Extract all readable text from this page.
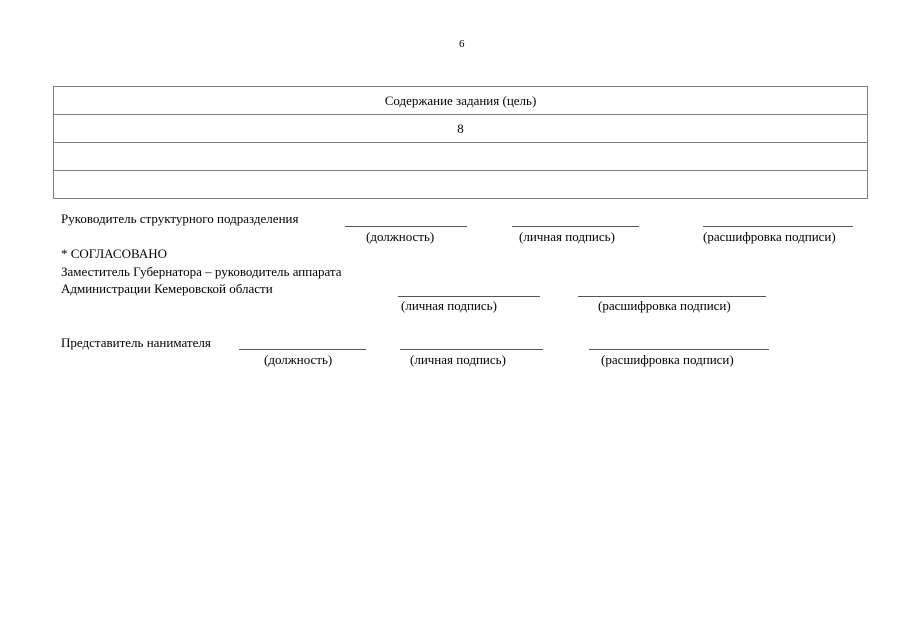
6
Содержание задания (цель)
8

Руководитель структурного подразделения
(должность)	(личная подпись)	(расшифровка подписи)
* СОГЛАСОВАНО
Заместитель Губернатора – руководитель аппарата
Администрации Кемеровской области
(личная подпись)	(расшифровка подписи)
Представитель нанимателя
(должность)	(личная подпись)	(расшифровка подписи)
